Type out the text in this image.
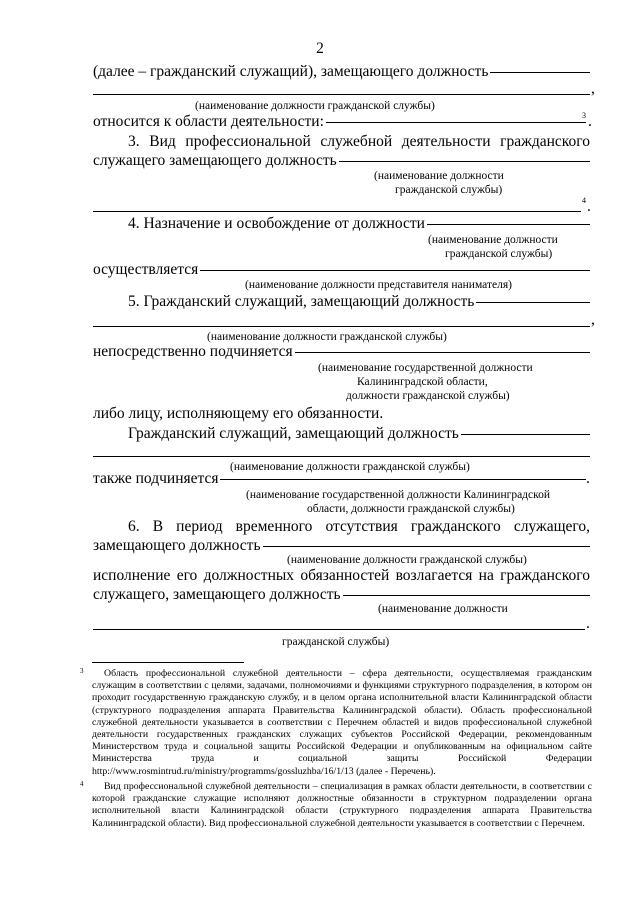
2
(далее – гражданский служащий), замещающего должность
,
(наименование должности гражданской службы)
относится к области деятельности:	3 .
3. Вид профессиональной служебной деятельности гражданского
служащего замещающего должность
(наименование должности
гражданской службы)
4 .
4. Назначение и освобождение от должности
(наименование должности
гражданской службы)
осуществляется
(наименование должности представителя нанимателя)
5. Гражданский служащий, замещающий должность
,
(наименование должности гражданской службы)
непосредственно подчиняется
(наименование государственной должности
Калининградской области,
должности гражданской службы)
либо лицу, исполняющему его обязанности.
Гражданский служащий, замещающий должность
(наименование должности гражданской службы)
также подчиняется	.
(наименование государственной должности Калининградской
области, должности гражданской службы)
6. В период временного отсутствия гражданского служащего,
замещающего должность
(наименование должности гражданской службы)
исполнение его должностных обязанностей возлагается на гражданского
служащего, замещающего должность
(наименование должности
.
гражданской службы)
3 Область профессиональной служебной деятельности – сфера деятельности, осуществляемая гражданским служащим в соответствии с целями, задачами, полномочиями и функциями структурного подразделения, в котором он проходит государственную гражданскую службу, и в целом органа исполнительной власти Калининградской области (структурного подразделения аппарата Правительства Калининградской области). Область профессиональной служебной деятельности указывается в соответствии с Перечнем областей и видов профессиональной служебной деятельности государственных гражданских служащих субъектов Российской Федерации, рекомендованным Министерством труда и социальной защиты Российской Федерации и опубликованным на официальном сайте Министерства труда и социальной защиты Российской Федерации http://www.rosmintrud.ru/ministry/programms/gossluzhba/16/1/13 (далее - Перечень).
4 Вид профессиональной служебной деятельности – специализация в рамках области деятельности, в соответствии с которой гражданские служащие исполняют должностные обязанности в структурном подразделении органа исполнительной власти Калининградской области (структурного подразделения аппарата Правительства Калининградской области). Вид профессиональной служебной деятельности указывается в соответствии с Перечнем.
